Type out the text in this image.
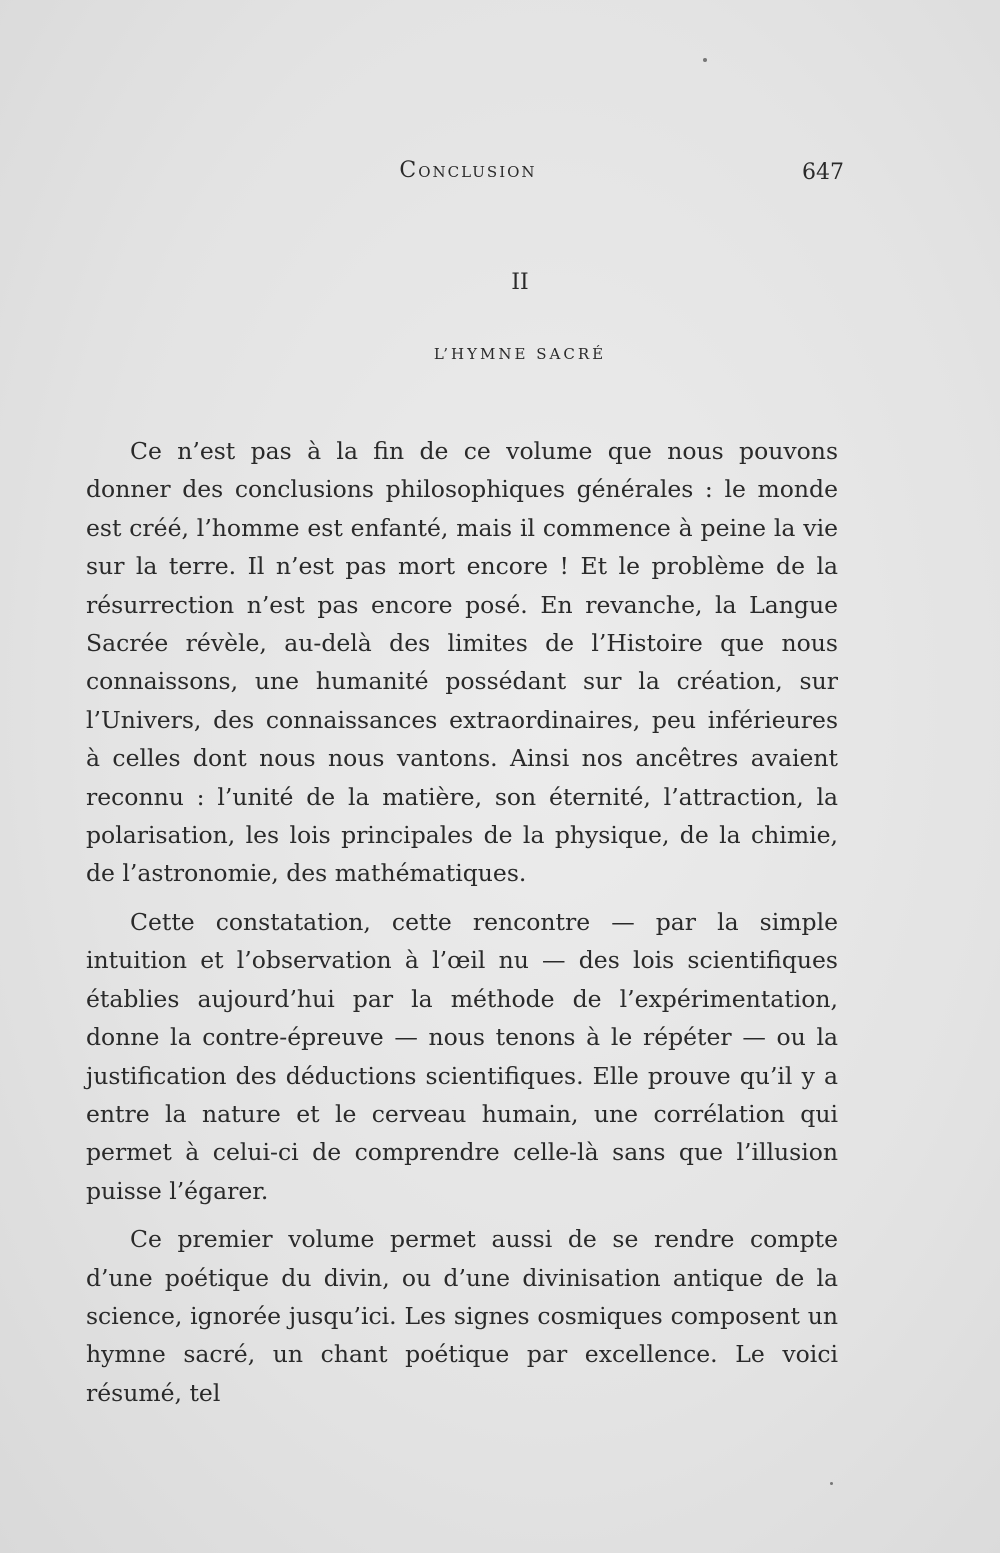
Conclusion	647
II
L’HYMNE SACRÉ

Ce n’est pas à la fin de ce volume que nous pouvons donner des conclusions philosophiques générales : le monde est créé, l’homme est enfanté, mais il commence à peine la vie sur la terre. Il n’est pas mort encore ! Et le problème de la résurrection n’est pas encore posé. En revanche, la Langue Sacrée révèle, au-delà des limites de l’Histoire que nous connaissons, une humanité possédant sur la création, sur l’Univers, des connaissances extraordinaires, peu inférieures à celles dont nous nous vantons. Ainsi nos ancêtres avaient reconnu : l’unité de la matière, son éternité, l’attraction, la polarisation, les lois principales de la physique, de la chimie, de l’astronomie, des mathématiques.

Cette constatation, cette rencontre — par la simple intuition et l’observation à l’œil nu — des lois scientifiques établies aujourd’hui par la méthode de l’expérimentation, donne la contre-épreuve — nous tenons à le répéter — ou la justification des déductions scientifiques. Elle prouve qu’il y a entre la nature et le cerveau humain, une corrélation qui permet à celui-ci de comprendre celle-là sans que l’illusion puisse l’égarer.

Ce premier volume permet aussi de se rendre compte d’une poétique du divin, ou d’une divinisation antique de la science, ignorée jusqu’ici. Les signes cosmiques composent un hymne sacré, un chant poétique par excellence. Le voici résumé, tel
